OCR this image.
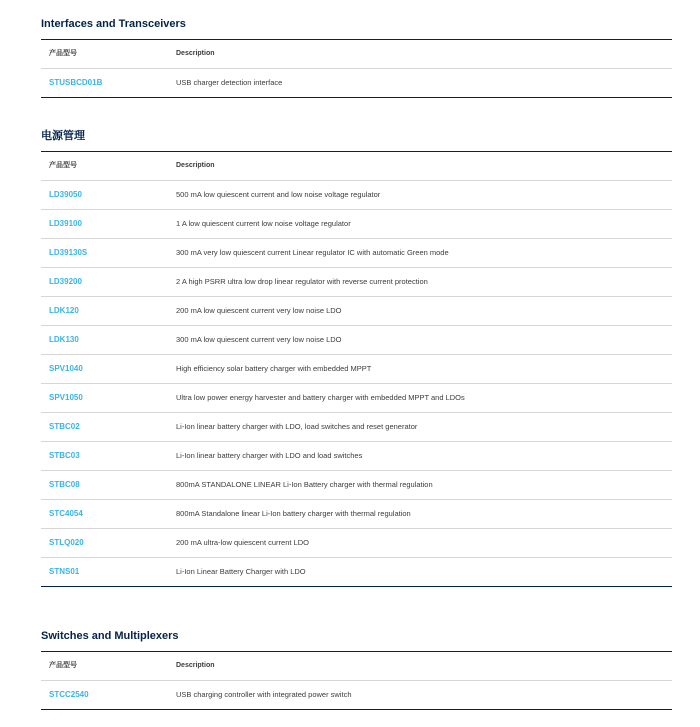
Interfaces and Transceivers
产品型号	Description
STUSBCD01B	USB charger detection interface
电源管理
产品型号	Description
LD39050	500 mA low quiescent current and low noise voltage regulator
LD39100	1 A low quiescent current low noise voltage regulator
LD39130S	300 mA very low quiescent current Linear regulator IC with automatic Green mode
LD39200	2 A high PSRR ultra low drop linear regulator with reverse current protection
LDK120	200 mA low quiescent current very low noise LDO
LDK130	300 mA low quiescent current very low noise LDO
SPV1040	High efficiency solar battery charger with embedded MPPT
SPV1050	Ultra low power energy harvester and battery charger with embedded MPPT and LDOs
STBC02	Li-Ion linear battery charger with LDO, load switches and reset generator
STBC03	Li-Ion linear battery charger with LDO and load switches
STBC08	800mA STANDALONE LINEAR Li-Ion Battery charger with thermal regulation
STC4054	800mA Standalone linear Li-Ion battery charger with thermal regulation
STLQ020	200 mA ultra-low quiescent current LDO
STNS01	Li-Ion Linear Battery Charger with LDO
Switches and Multiplexers
产品型号	Description
STCC2540	USB charging controller with integrated power switch
